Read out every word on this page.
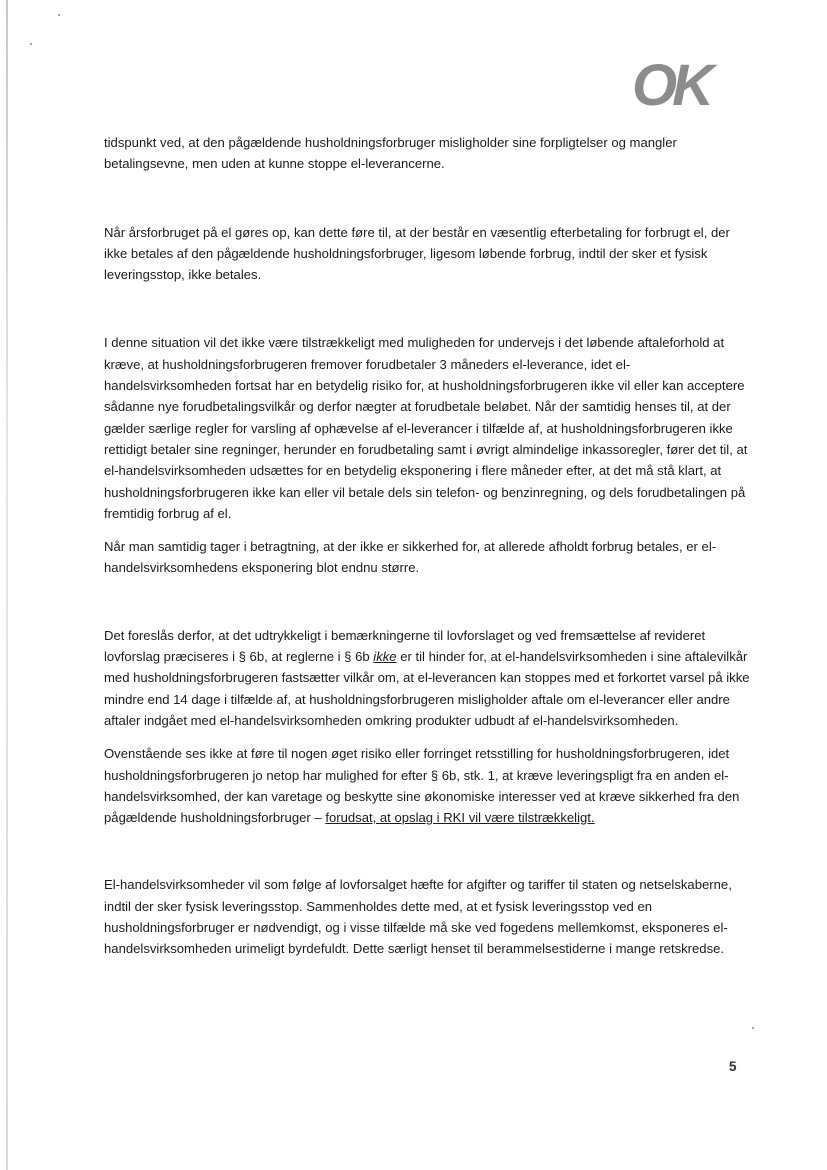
OK

tidspunkt ved, at den pågældende husholdningsforbruger misligholder sine forpligtelser og mangler betalingsevne, men uden at kunne stoppe el-leverancerne.

Når årsforbruget på el gøres op, kan dette føre til, at der består en væsentlig efterbetaling for forbrugt el, der ikke betales af den pågældende husholdningsforbruger, ligesom løbende forbrug, indtil der sker et fysisk leveringsstop, ikke betales.

I denne situation vil det ikke være tilstrækkeligt med muligheden for undervejs i det løbende aftaleforhold at kræve, at husholdningsforbrugeren fremover forudbetaler 3 måneders el-leverance, idet el-handelsvirksomheden fortsat har en betydelig risiko for, at husholdningsforbrugeren ikke vil eller kan acceptere sådanne nye forudbetalingsvilkår og derfor nægter at forudbetale beløbet. Når der samtidig henses til, at der gælder særlige regler for varsling af ophævelse af el-leverancer i tilfælde af, at husholdningsforbrugeren ikke rettidigt betaler sine regninger, herunder en forudbetaling samt i øvrigt almindelige inkassoregler, fører det til, at el-handelsvirksomheden udsættes for en betydelig eksponering i flere måneder efter, at det må stå klart, at husholdningsforbrugeren ikke kan eller vil betale dels sin telefon- og benzinregning, og dels forudbetalingen på fremtidig forbrug af el.

Når man samtidig tager i betragtning, at der ikke er sikkerhed for, at allerede afholdt forbrug betales, er el-handelsvirksomhedens eksponering blot endnu større.

Det foreslås derfor, at det udtrykkeligt i bemærkningerne til lovforslaget og ved fremsættelse af revideret lovforslag præciseres i § 6b, at reglerne i § 6b ikke er til hinder for, at el-handelsvirksomheden i sine aftalevilkår med husholdningsforbrugeren fastsætter vilkår om, at el-leverancen kan stoppes med et forkortet varsel på ikke mindre end 14 dage i tilfælde af, at husholdningsforbrugeren misligholder aftale om el-leverancer eller andre aftaler indgået med el-handelsvirksomheden omkring produkter udbudt af el-handelsvirksomheden.

Ovenstående ses ikke at føre til nogen øget risiko eller forringet retsstilling for husholdningsforbrugeren, idet husholdningsforbrugeren jo netop har mulighed for efter § 6b, stk. 1, at kræve leveringspligt fra en anden el-handelsvirksomhed, der kan varetage og beskytte sine økonomiske interesser ved at kræve sikkerhed fra den pågældende husholdningsforbruger – forudsat, at opslag i RKI vil være tilstrækkeligt.

El-handelsvirksomheder vil som følge af lovforsalget hæfte for afgifter og tariffer til staten og netselskaberne, indtil der sker fysisk leveringsstop. Sammenholdes dette med, at et fysisk leveringsstop ved en husholdningsforbruger er nødvendigt, og i visse tilfælde må ske ved fogedens mellemkomst, eksponeres el-handelsvirksomheden urimeligt byrdefuldt. Dette særligt henset til berammelsestiderne i mange retskredse.

5
